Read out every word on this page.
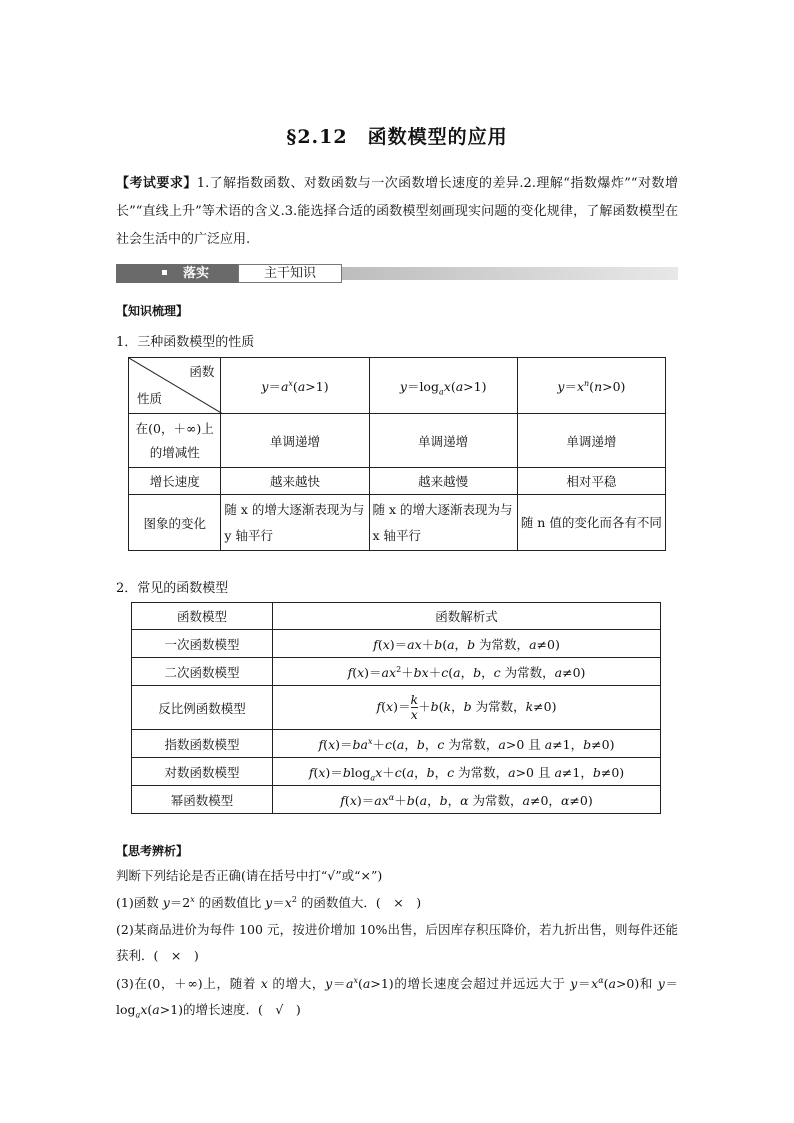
§2.12　函数模型的应用
【考试要求】1.了解指数函数、对数函数与一次函数增长速度的差异.2.理解“指数爆炸”“对数增长”“直线上升”等术语的含义.3.能选择合适的函数模型刻画现实问题的变化规律，了解函数模型在社会生活中的广泛应用.
落实	主干知识
【知识梳理】
1．三种函数模型的性质
函数
性质	$y=a^x(a>1)$	$y=\log_ax(a>1)$	$y=x^n(n>0)$
在(0，＋∞)上的增减性	单调递增	单调递增	单调递增
增长速度	越来越快	越来越慢	相对平稳
图象的变化	随 x 的增大逐渐表现为与 y 轴平行	随 x 的增大逐渐表现为与 x 轴平行	随 n 值的变化而各有不同
2．常见的函数模型
函数模型	函数解析式
一次函数模型	f(x)＝ax＋b(a，b 为常数，a≠0)
二次函数模型	$f(x)=ax^2+bx+c(a$，b，c 为常数，a≠0)
反比例函数模型	$f(x)= \frac{k}{x} +b(k$，b 为常数，k≠0)
指数函数模型	$f(x)=ba^x+c(a$，b，c 为常数，a>0 且 a≠1，b≠0)
对数函数模型	f(x)＝blog$_a$x＋c(a，b，c 为常数，a>0 且 a≠1，b≠0)
幂函数模型	$f(x)=ax^\alpha+b(a$，b，α 为常数，a≠0，α≠0)
【思考辨析】
判断下列结论是否正确(请在括号中打“√”或“×”)
(1)函数 $y=2^x$ 的函数值比 $y=x^2$ 的函数值大．(　×　)
(2)某商品进价为每件 100 元，按进价增加 10%出售，后因库存积压降价，若九折出售，则每件还能获利．(　×　)
(3)在(0，＋∞)上，随着 x 的增大，$y=a^x(a>1)$的增长速度会超过并远远大于 $y=x^\alpha(a>0)$和 $y=\log_ax(a>1)$的增长速度．(　√　)
